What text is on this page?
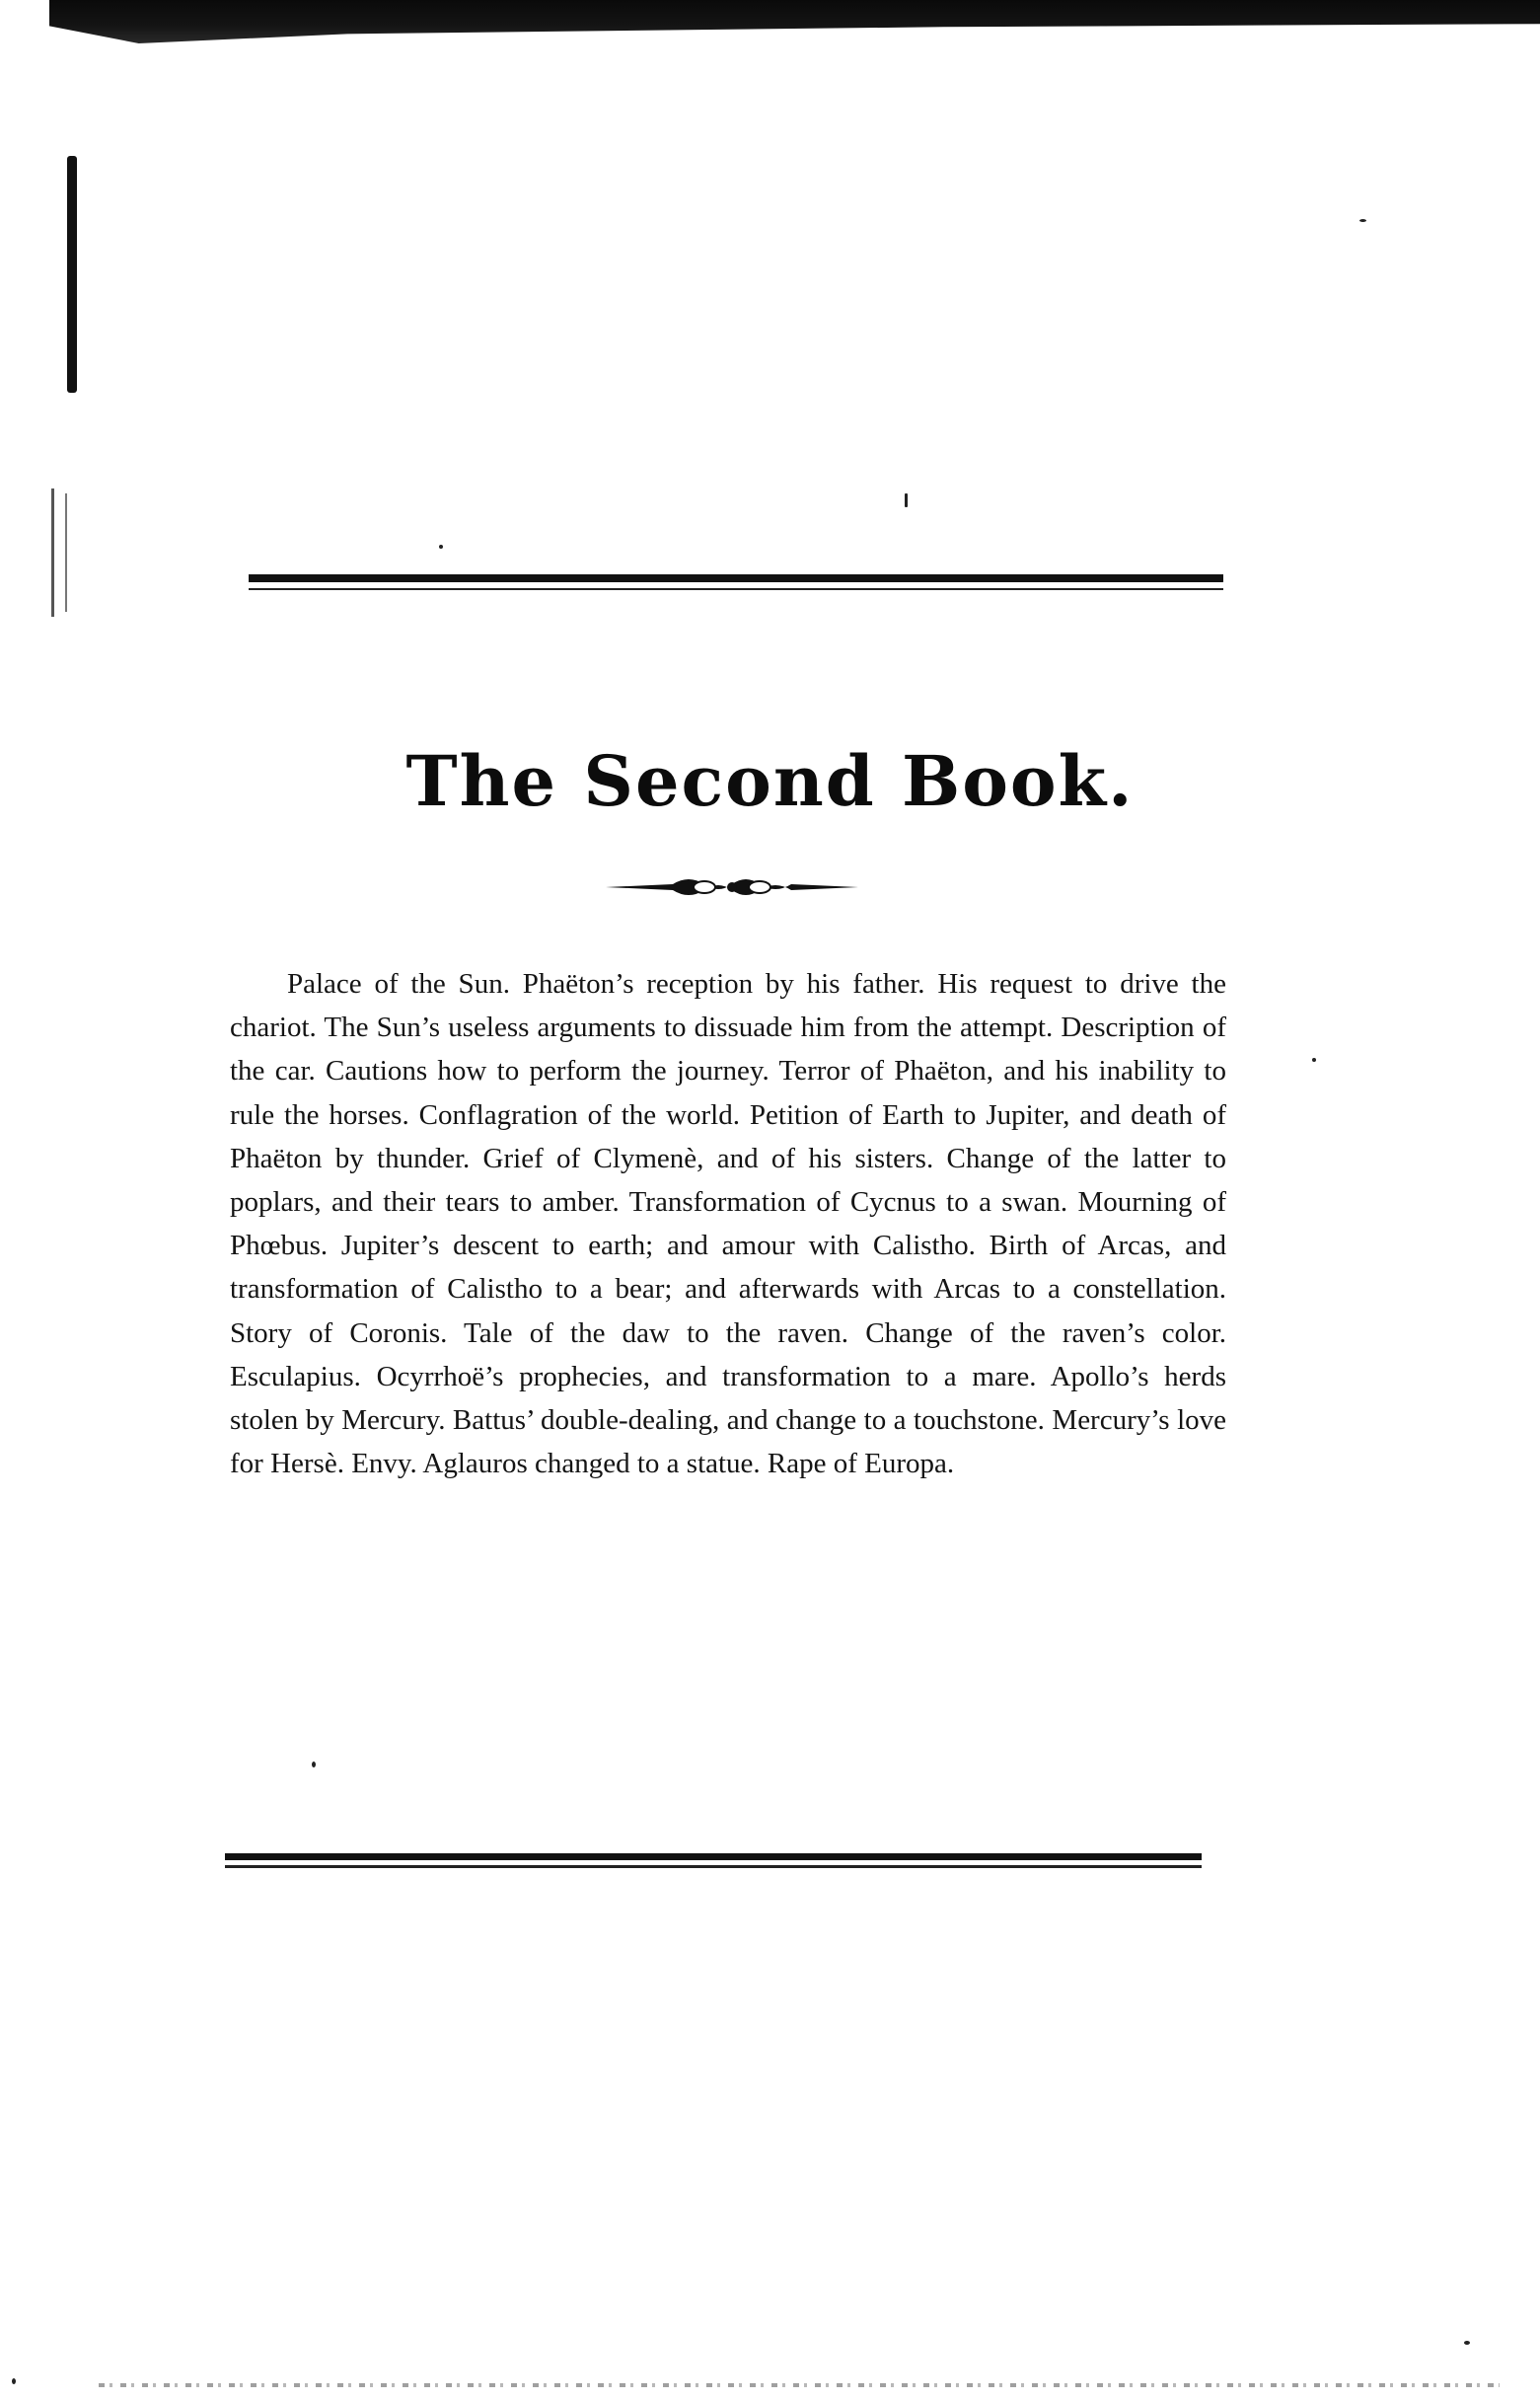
The Second Book.

Palace of the Sun. Phaëton’s reception by his father. His request to drive the chariot. The Sun’s useless arguments to dissuade him from the attempt. Description of the car. Cautions how to perform the journey. Terror of Phaëton, and his inability to rule the horses. Conflagration of the world. Petition of Earth to Jupiter, and death of Phaëton by thunder. Grief of Clymenè, and of his sisters. Change of the latter to poplars, and their tears to amber. Transformation of Cycnus to a swan. Mourning of Phœbus. Jupiter’s descent to earth; and amour with Calistho. Birth of Arcas, and transformation of Calistho to a bear; and afterwards with Arcas to a constellation. Story of Coronis. Tale of the daw to the raven. Change of the raven’s color. Esculapius. Ocyrrhoë’s prophecies, and transformation to a mare. Apollo’s herds stolen by Mercury. Battus’ double-dealing, and change to a touchstone. Mercury’s love for Hersè. Envy. Aglauros changed to a statue. Rape of Europa.
